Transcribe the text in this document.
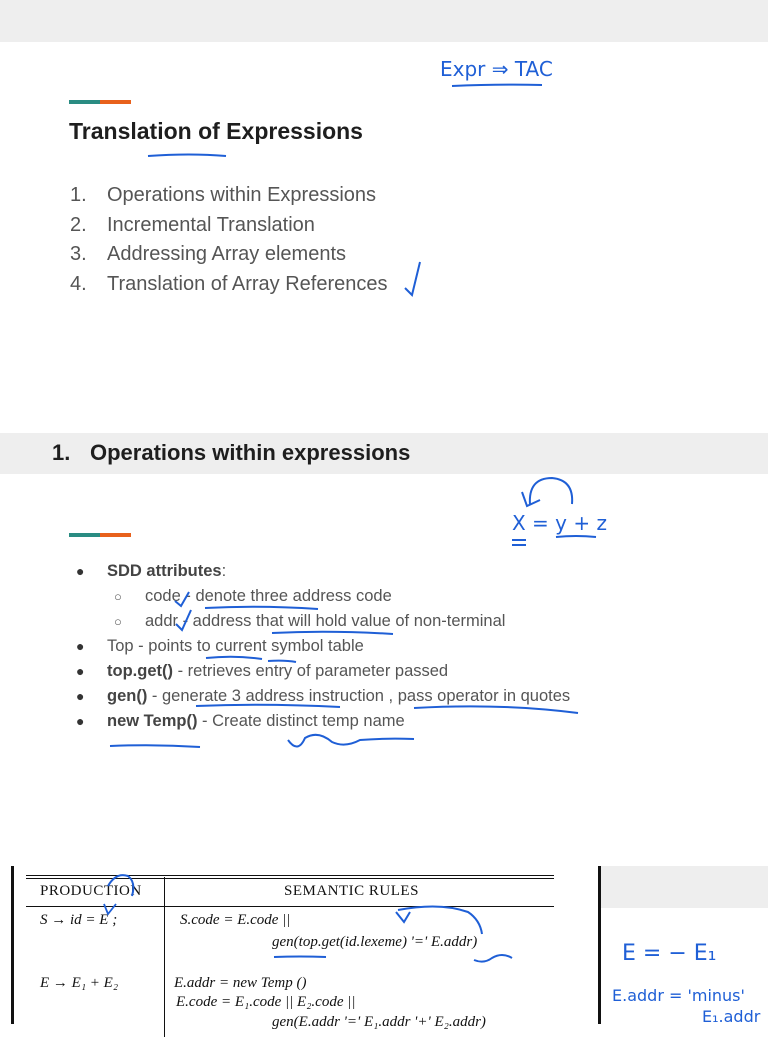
Translation of Expressions
1. Operations within Expressions
2. Incremental Translation
3. Addressing Array elements
4. Translation of Array References
1. Operations within expressions
● SDD attributes:
○ code - denote three address code
○ addr - address that will hold value of non-terminal
● Top - points to current symbol table
● top.get() - retrieves entry of parameter passed
● gen() - generate 3 address instruction , pass operator in quotes
● new Temp() - Create distinct temp name
PRODUCTION	SEMANTIC RULES
S → id = E ;	S.code = E.code ||
gen(top.get(id.lexeme) '=' E.addr)
E → E₁ + E₂	E.addr = new Temp ()
E.code = E₁.code || E₂.code ||
gen(E.addr '=' E₁.addr '+' E₂.addr)
Expr ⇒ TAC
X = y + z
E = − E₁
E.addr = 'minus'
E₁.addr
